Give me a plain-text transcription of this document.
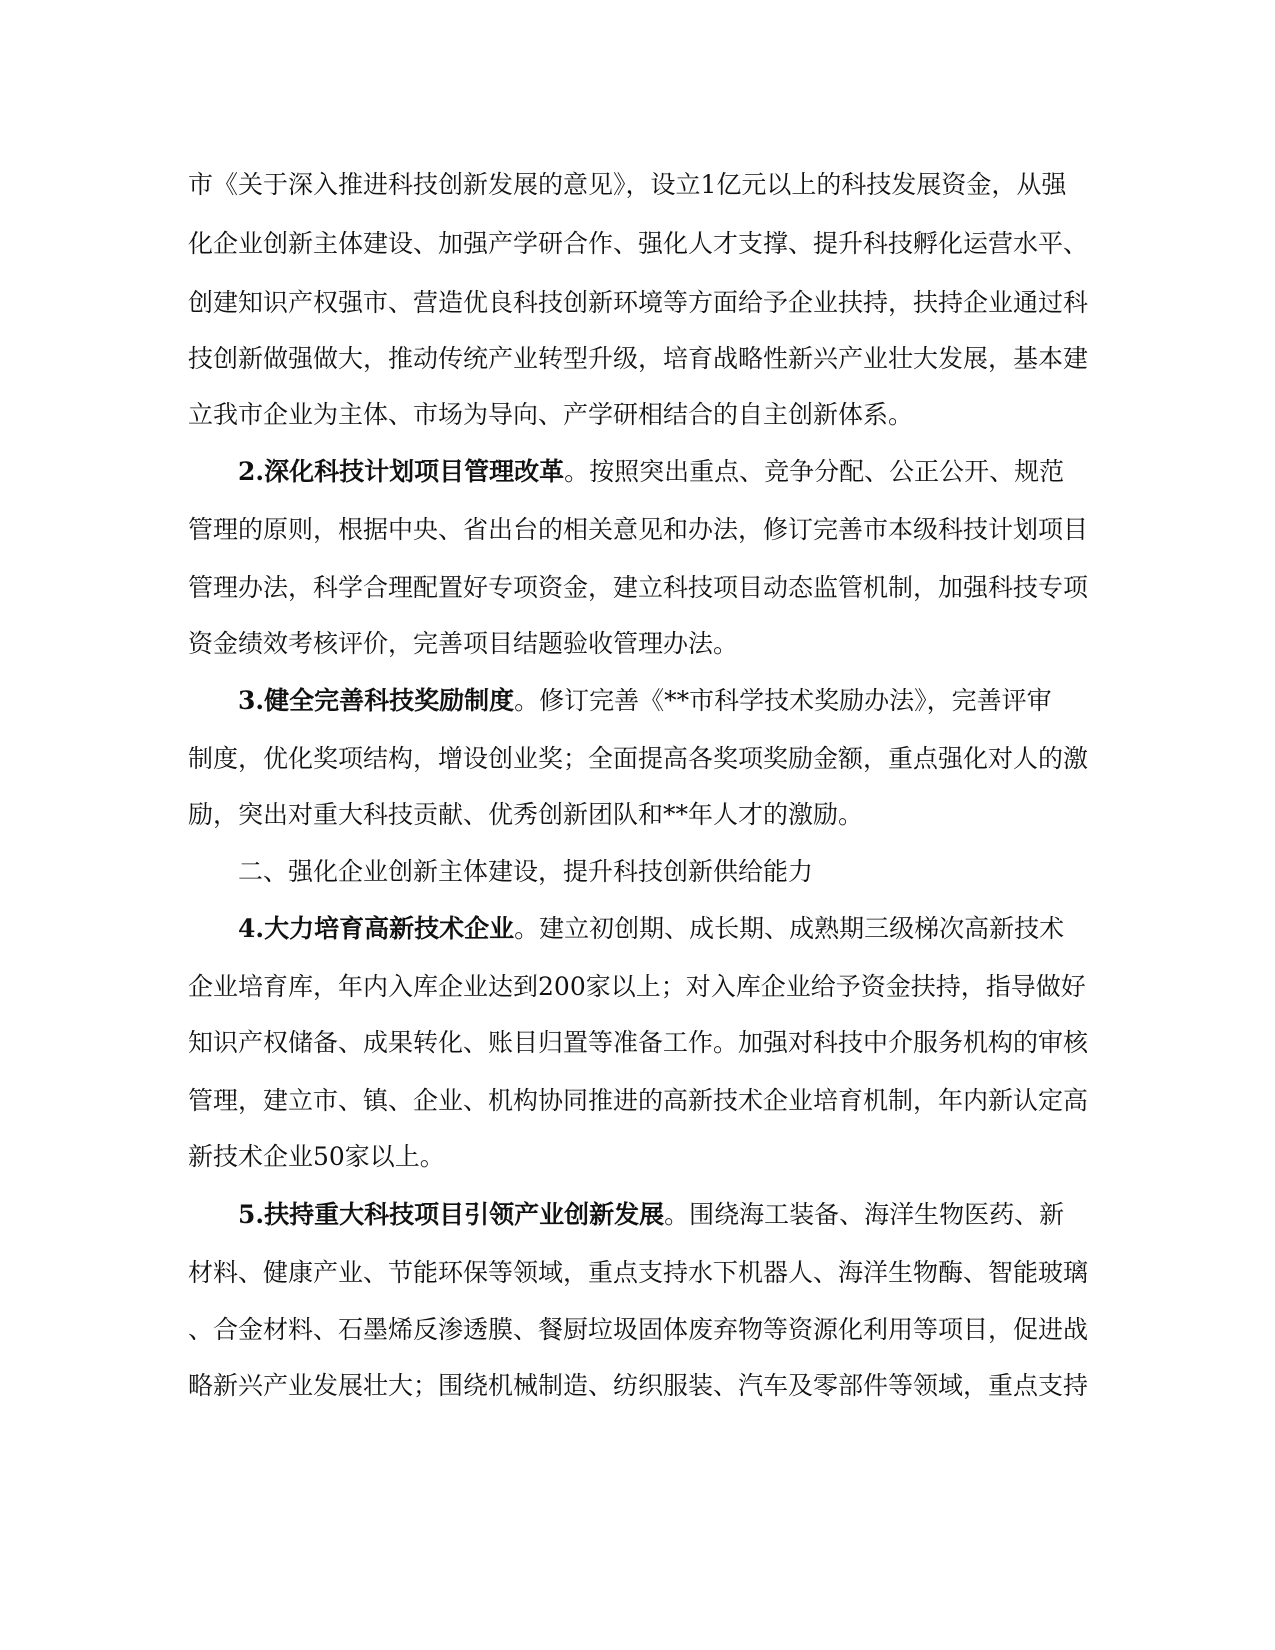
市《关于深入推进科技创新发展的意见》，设立1亿元以上的科技发展资金，从强

化企业创新主体建设、加强产学研合作、强化人才支撑、提升科技孵化运营水平、

创建知识产权强市、营造优良科技创新环境等方面给予企业扶持，扶持企业通过科

技创新做强做大，推动传统产业转型升级，培育战略性新兴产业壮大发展，基本建

立我市企业为主体、市场为导向、产学研相结合的自主创新体系。

2.深化科技计划项目管理改革。按照突出重点、竞争分配、公正公开、规范

管理的原则，根据中央、省出台的相关意见和办法，修订完善市本级科技计划项目

管理办法，科学合理配置好专项资金，建立科技项目动态监管机制，加强科技专项

资金绩效考核评价，完善项目结题验收管理办法。

3.健全完善科技奖励制度。修订完善《**市科学技术奖励办法》，完善评审

制度，优化奖项结构，增设创业奖；全面提高各奖项奖励金额，重点强化对人的激

励，突出对重大科技贡献、优秀创新团队和**年人才的激励。

二、强化企业创新主体建设，提升科技创新供给能力

4.大力培育高新技术企业。建立初创期、成长期、成熟期三级梯次高新技术

企业培育库，年内入库企业达到200家以上；对入库企业给予资金扶持，指导做好

知识产权储备、成果转化、账目归置等准备工作。加强对科技中介服务机构的审核

管理，建立市、镇、企业、机构协同推进的高新技术企业培育机制，年内新认定高

新技术企业50家以上。

5.扶持重大科技项目引领产业创新发展。围绕海工装备、海洋生物医药、新

材料、健康产业、节能环保等领域，重点支持水下机器人、海洋生物酶、智能玻璃

、合金材料、石墨烯反渗透膜、餐厨垃圾固体废弃物等资源化利用等项目，促进战

略新兴产业发展壮大；围绕机械制造、纺织服装、汽车及零部件等领域，重点支持
